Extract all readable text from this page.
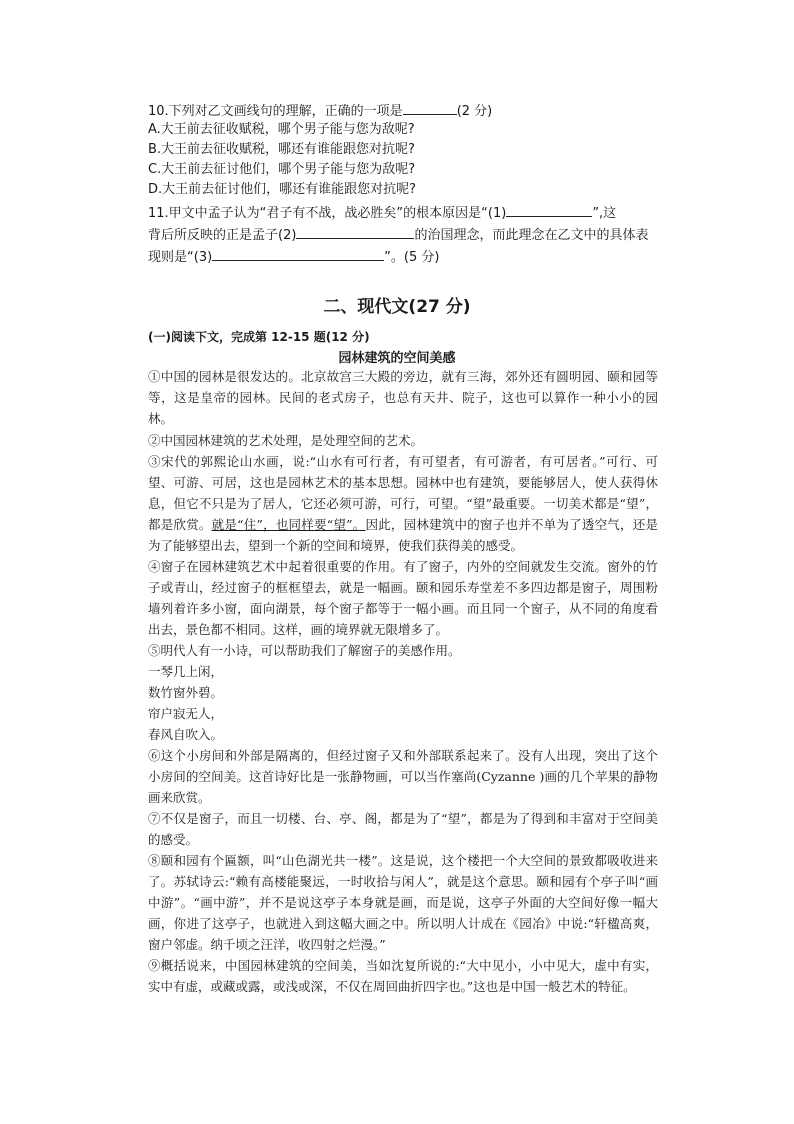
10.下列对乙文画线句的理解，正确的一项是	(2 分)
A.大王前去征收赋税，哪个男子能与您为敌呢?
B.大王前去征收赋税，哪还有谁能跟您对抗呢?
C.大王前去征讨他们，哪个男子能与您为敌呢?
D.大王前去征讨他们，哪还有谁能跟您对抗呢?
11.甲文中孟子认为“君子有不战，战必胜矣”的根本原因是“(1)	”,这
背后所反映的正是孟子(2)	的治国理念，而此理念在乙文中的具体表
现则是“(3)	”。(5 分)
二、现代文(27 分)
(一)阅读下文，完成第 12-15 题(12 分)
园林建筑的空间美感
①中国的园林是很发达的。北京故宫三大殿的旁边，就有三海，郊外还有圆明园、颐和园等等，这是皇帝的园林。民间的老式房子，也总有天井、院子，这也可以算作一种小小的园林。
②中国园林建筑的艺术处理，是处理空间的艺术。
③宋代的郭熙论山水画，说:“山水有可行者，有可望者，有可游者，有可居者。”可行、可望、可游、可居，这也是园林艺术的基本思想。园林中也有建筑，要能够居人，使人获得休息，但它不只是为了居人，它还必须可游，可行，可望。“望”最重要。一切美术都是“望”，都是欣赏。就是“住”，也同样要“望”。因此，园林建筑中的窗子也并不单为了透空气，还是为了能够望出去，望到一个新的空间和境界，使我们获得美的感受。
④窗子在园林建筑艺术中起着很重要的作用。有了窗子，内外的空间就发生交流。窗外的竹子或青山，经过窗子的框框望去，就是一幅画。颐和园乐寿堂差不多四边都是窗子，周围粉墙列着许多小窗，面向湖景，每个窗子都等于一幅小画。而且同一个窗子，从不同的角度看出去，景色都不相同。这样，画的境界就无限增多了。
⑤明代人有一小诗，可以帮助我们了解窗子的美感作用。
一琴几上闲，
数竹窗外碧。
帘户寂无人，
春风自吹入。
⑥这个小房间和外部是隔离的，但经过窗子又和外部联系起来了。没有人出现，突出了这个小房间的空间美。这首诗好比是一张静物画，可以当作塞尚(Cyzanne )画的几个苹果的静物画来欣赏。
⑦不仅是窗子，而且一切楼、台、亭、阁，都是为了“望”，都是为了得到和丰富对于空间美的感受。
⑧颐和园有个匾额，叫“山色湖光共一楼”。这是说，这个楼把一个大空间的景致都吸收进来了。苏轼诗云:“赖有高楼能聚远，一时收拾与闲人”，就是这个意思。颐和园有个亭子叫“画中游”。“画中游”，并不是说这亭子本身就是画，而是说，这亭子外面的大空间好像一幅大画，你进了这亭子，也就进入到这幅大画之中。所以明人计成在《园冶》中说:“轩楹高爽，窗户邻虚。纳千顷之汪洋，收四射之烂漫。”
⑨概括说来，中国园林建筑的空间美，当如沈复所说的:“大中见小，小中见大，虚中有实，实中有虚，或藏或露，或浅或深，不仅在周回曲折四字也。”这也是中国一般艺术的特征。
